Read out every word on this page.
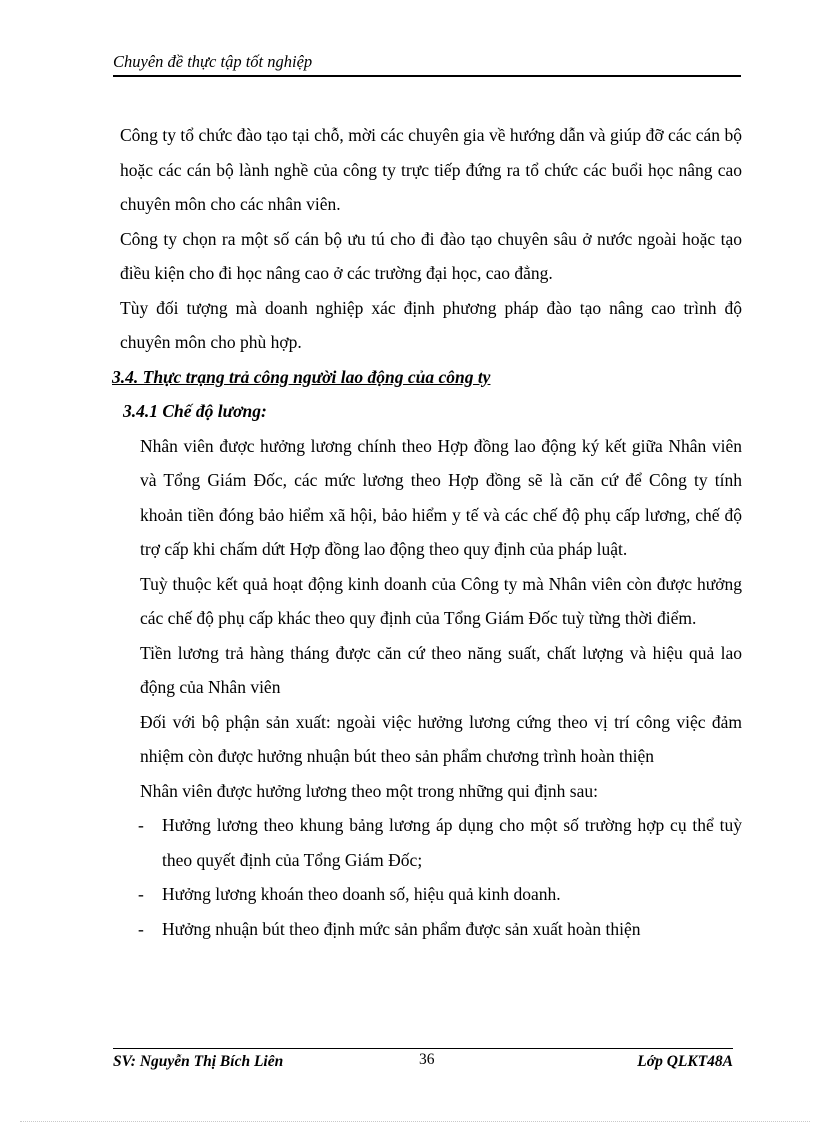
Chuyên đề thực tập tốt nghiệp

Công ty tổ chức đào tạo tại chỗ, mời các chuyên gia về hướng dẫn và giúp đỡ các cán bộ hoặc các cán bộ lành nghề của công ty trực tiếp đứng ra tổ chức các buổi học nâng cao chuyên môn cho các nhân viên.

Công ty chọn ra một số cán bộ ưu tú cho đi đào tạo chuyên sâu ở nước ngoài hoặc tạo điều kiện cho đi học nâng cao ở các trường đại học, cao đẳng.

Tùy đối tượng mà doanh nghiệp xác định phương pháp đào tạo nâng cao trình độ chuyên môn cho phù hợp.

3.4. Thực trạng trả công người lao động của công ty
3.4.1 Chế độ lương:

Nhân viên được hưởng lương chính theo Hợp đồng lao động ký kết giữa Nhân viên và Tổng Giám Đốc, các mức lương theo Hợp đồng sẽ là căn cứ để Công ty tính khoản tiền đóng bảo hiểm xã hội, bảo hiểm y tế và các chế độ phụ cấp lương, chế độ trợ cấp khi chấm dứt Hợp đồng lao động theo quy định của pháp luật.

Tuỳ thuộc kết quả hoạt động kinh doanh của Công ty mà Nhân viên còn được hưởng các chế độ phụ cấp khác theo quy định của Tổng Giám Đốc tuỳ từng thời điểm.

Tiền lương trả hàng tháng được căn cứ theo năng suất, chất lượng và hiệu quả lao động của Nhân viên

Đối với bộ phận sản xuất: ngoài việc hưởng lương cứng theo vị trí công việc đảm nhiệm còn được hưởng nhuận bút theo sản phẩm chương trình hoàn thiện

Nhân viên được hưởng lương theo một trong những qui định sau:

-	Hưởng lương theo khung bảng lương áp dụng cho một số trường hợp cụ thể tuỳ theo quyết định của Tổng Giám Đốc;
-	Hưởng lương khoán theo doanh số, hiệu quả kinh doanh.
-	Hưởng nhuận bút theo định mức sản phẩm được sản xuất hoàn thiện
SV: Nguyễn Thị Bích Liên	36	Lớp QLKT48A
